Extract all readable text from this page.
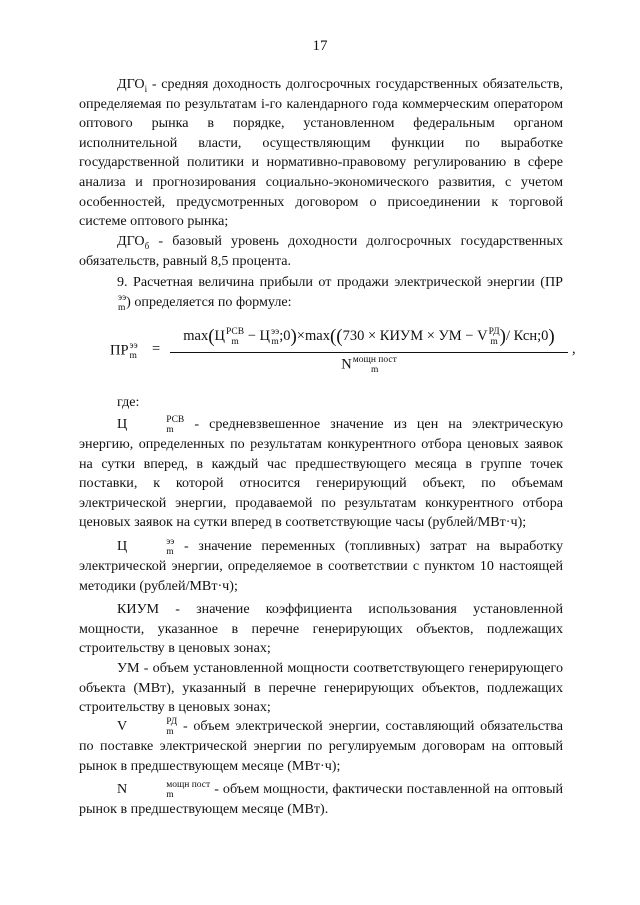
17

$ДГО_i$ - средняя доходность долгосрочных государственных обязательств, определяемая по результатам i-го календарного года коммерческим оператором оптового рынка в порядке, установленном федеральным органом исполнительной власти, осуществляющим функции по выработке государственной политики и нормативно-правовому регулированию в сфере анализа и прогнозирования социально-экономического развития, с учетом особенностей, предусмотренных договором о присоединении к торговой системе оптового рынка;

$ДГО_б$ - базовый уровень доходности долгосрочных государственных обязательств, равный 8,5 процента.

9. Расчетная величина прибыли от продажи электрической энергии (ПР
ээ
m ) определяется по формуле:

ПР ээ
m =
max(Ц РСВ
m − Ц ээ
m ;0)×max((730 × КИУМ × УМ − V РД
m )/ Ксн;0)
N мощн пост
m
,

где:

Ц	РСВ
m - средневзвешенное значение из цен на электрическую энергию, определенных по результатам конкурентного отбора ценовых заявок на сутки вперед, в каждый час предшествующего месяца в группе точек поставки, к которой относится генерирующий объект, по объемам электрической энергии, продаваемой по результатам конкурентного отбора ценовых заявок на сутки вперед в соответствующие часы (рублей/МВт·ч);

Ц	ээ
m - значение переменных (топливных) затрат на выработку электрической энергии, определяемое в соответствии с пунктом 10 настоящей методики (рублей/МВт·ч);

КИУМ - значение коэффициента использования установленной мощности, указанное в перечне генерирующих объектов, подлежащих строительству в ценовых зонах;

УМ - объем установленной мощности соответствующего генерирующего объекта (МВт), указанный в перечне генерирующих объектов, подлежащих строительству в ценовых зонах;

V	РД
m - объем электрической энергии, составляющий обязательства по поставке электрической энергии по регулируемым договорам на оптовый рынок в предшествующем месяце (МВт·ч);

N	мощн пост
m	- объем мощности, фактически поставленной на оптовый рынок в предшествующем месяце (МВт).
